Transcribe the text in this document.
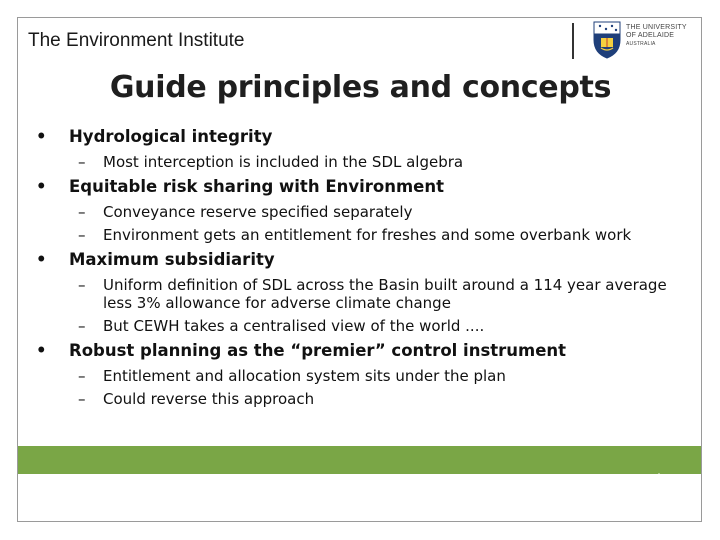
The Environment Institute
THE UNIVERSITY
OF ADELAIDE
AUSTRALIA
Guide principles and concepts
• Hydrological integrity
– Most interception is included in the SDL algebra
• Equitable risk sharing with Environment
– Conveyance reserve specified separately
– Environment gets an entitlement for freshes and some overbank work
• Maximum subsidiarity
– Uniform definition of SDL across the Basin built around a 114 year average less 3% allowance for adverse climate change
– But CEWH takes a centralised view of the world ....
• Robust planning as the “premier” control instrument
– Entitlement and allocation system sits under the plan
– Could reverse this approach
